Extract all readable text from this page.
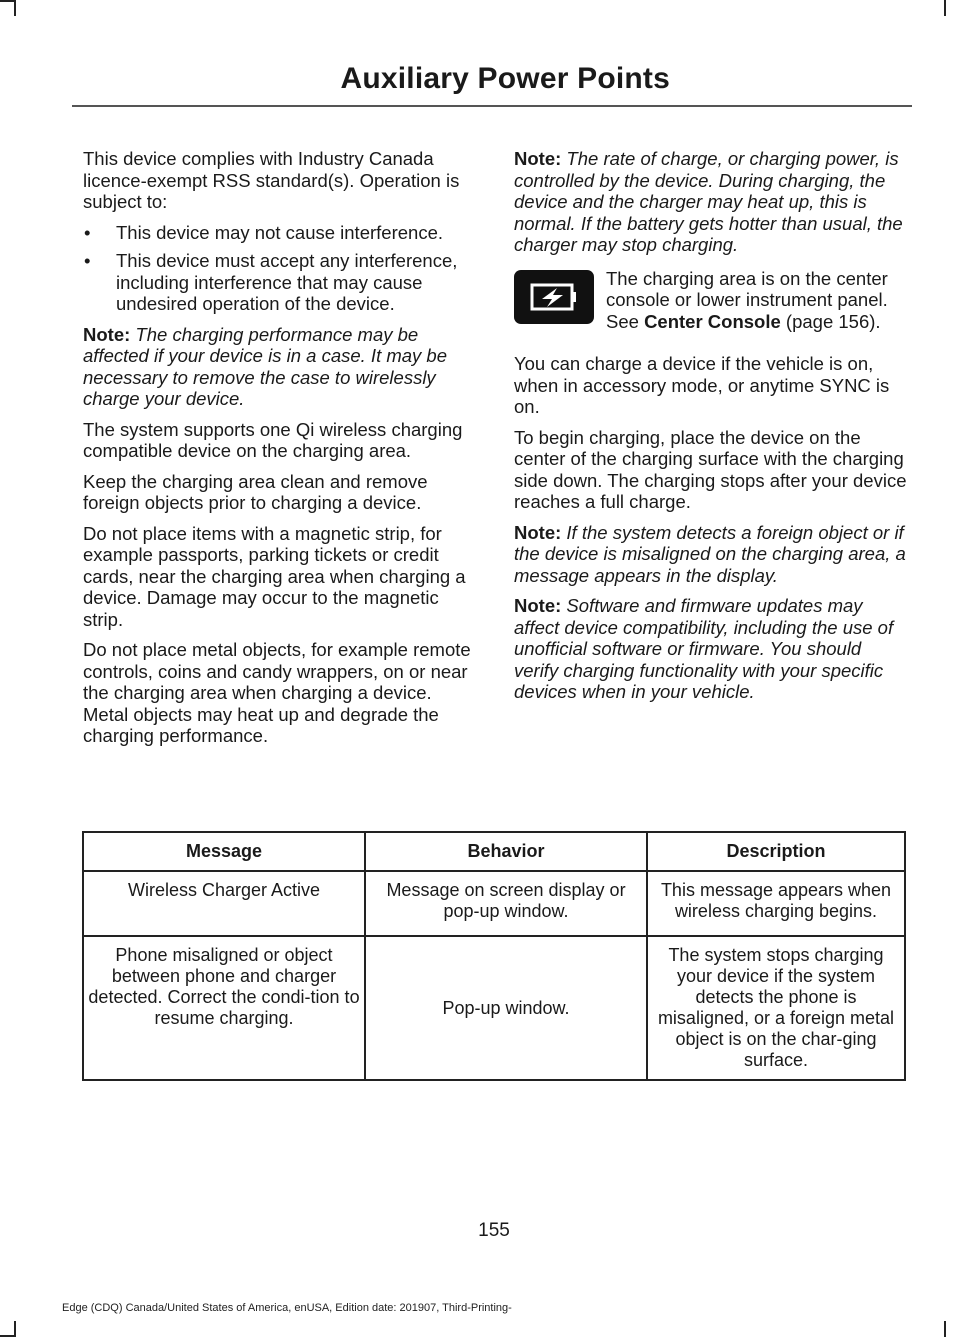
Auxiliary Power Points

This device complies with Industry Canada licence-exempt RSS standard(s). Operation is subject to:

• This device may not cause interference.
• This device must accept any interference, including interference that may cause undesired operation of the device.

Note: The charging performance may be affected if your device is in a case. It may be necessary to remove the case to wirelessly charge your device.

The system supports one Qi wireless charging compatible device on the charging area.

Keep the charging area clean and remove foreign objects prior to charging a device.

Do not place items with a magnetic strip, for example passports, parking tickets or credit cards, near the charging area when charging a device. Damage may occur to the magnetic strip.

Do not place metal objects, for example remote controls, coins and candy wrappers, on or near the charging area when charging a device. Metal objects may heat up and degrade the charging performance.

Note: The rate of charge, or charging power, is controlled by the device. During charging, the device and the charger may heat up, this is normal. If the battery gets hotter than usual, the charger may stop charging.

The charging area is on the center console or lower instrument panel. See Center Console (page 156).

You can charge a device if the vehicle is on, when in accessory mode, or anytime SYNC is on.

To begin charging, place the device on the center of the charging surface with the charging side down. The charging stops after your device reaches a full charge.

Note: If the system detects a foreign object or if the device is misaligned on the charging area, a message appears in the display.

Note: Software and firmware updates may affect device compatibility, including the use of unofficial software or firmware. You should verify charging functionality with your specific devices when in your vehicle.

Message	Behavior	Description
Wireless Charger Active	Message on screen display or pop-up window.	This message appears when wireless charging begins.
Phone misaligned or object between phone and charger detected. Correct the condi-tion to resume charging.	Pop-up window.	The system stops charging your device if the system detects the phone is misaligned, or a foreign metal object is on the char-ging surface.
155
Edge (CDQ) Canada/United States of America, enUSA, Edition date: 201907, Third-Printing-
